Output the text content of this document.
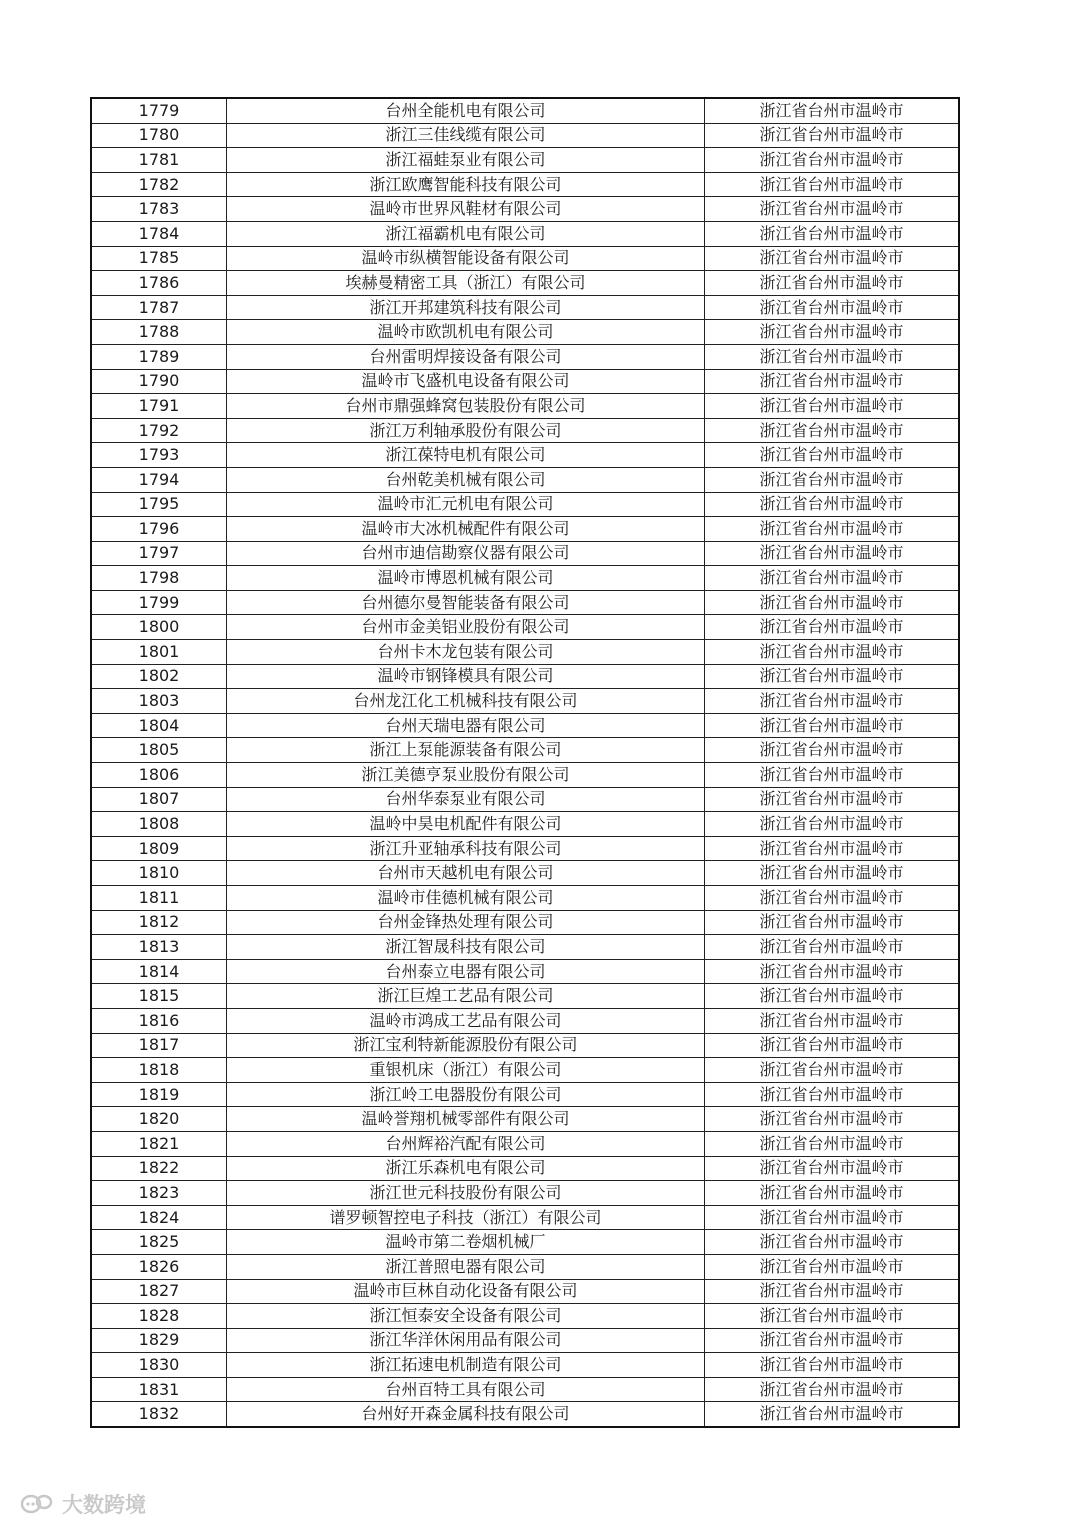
1779	台州全能机电有限公司	浙江省台州市温岭市
1780	浙江三佳线缆有限公司	浙江省台州市温岭市
1781	浙江福蛙泵业有限公司	浙江省台州市温岭市
1782	浙江欧鹰智能科技有限公司	浙江省台州市温岭市
1783	温岭市世界风鞋材有限公司	浙江省台州市温岭市
1784	浙江福霸机电有限公司	浙江省台州市温岭市
1785	温岭市纵横智能设备有限公司	浙江省台州市温岭市
1786	埃赫曼精密工具（浙江）有限公司	浙江省台州市温岭市
1787	浙江开邦建筑科技有限公司	浙江省台州市温岭市
1788	温岭市欧凯机电有限公司	浙江省台州市温岭市
1789	台州雷明焊接设备有限公司	浙江省台州市温岭市
1790	温岭市飞盛机电设备有限公司	浙江省台州市温岭市
1791	台州市鼎强蜂窝包装股份有限公司	浙江省台州市温岭市
1792	浙江万利轴承股份有限公司	浙江省台州市温岭市
1793	浙江葆特电机有限公司	浙江省台州市温岭市
1794	台州乾美机械有限公司	浙江省台州市温岭市
1795	温岭市汇元机电有限公司	浙江省台州市温岭市
1796	温岭市大冰机械配件有限公司	浙江省台州市温岭市
1797	台州市迪信勘察仪器有限公司	浙江省台州市温岭市
1798	温岭市博恩机械有限公司	浙江省台州市温岭市
1799	台州德尔曼智能装备有限公司	浙江省台州市温岭市
1800	台州市金美铝业股份有限公司	浙江省台州市温岭市
1801	台州卡木龙包装有限公司	浙江省台州市温岭市
1802	温岭市钢锋模具有限公司	浙江省台州市温岭市
1803	台州龙江化工机械科技有限公司	浙江省台州市温岭市
1804	台州天瑞电器有限公司	浙江省台州市温岭市
1805	浙江上泵能源装备有限公司	浙江省台州市温岭市
1806	浙江美德亨泵业股份有限公司	浙江省台州市温岭市
1807	台州华泰泵业有限公司	浙江省台州市温岭市
1808	温岭中昊电机配件有限公司	浙江省台州市温岭市
1809	浙江升亚轴承科技有限公司	浙江省台州市温岭市
1810	台州市天越机电有限公司	浙江省台州市温岭市
1811	温岭市佳德机械有限公司	浙江省台州市温岭市
1812	台州金锋热处理有限公司	浙江省台州市温岭市
1813	浙江智晟科技有限公司	浙江省台州市温岭市
1814	台州泰立电器有限公司	浙江省台州市温岭市
1815	浙江巨煌工艺品有限公司	浙江省台州市温岭市
1816	温岭市鸿成工艺品有限公司	浙江省台州市温岭市
1817	浙江宝利特新能源股份有限公司	浙江省台州市温岭市
1818	重银机床（浙江）有限公司	浙江省台州市温岭市
1819	浙江岭工电器股份有限公司	浙江省台州市温岭市
1820	温岭誉翔机械零部件有限公司	浙江省台州市温岭市
1821	台州辉裕汽配有限公司	浙江省台州市温岭市
1822	浙江乐森机电有限公司	浙江省台州市温岭市
1823	浙江世元科技股份有限公司	浙江省台州市温岭市
1824	谱罗顿智控电子科技（浙江）有限公司	浙江省台州市温岭市
1825	温岭市第二卷烟机械厂	浙江省台州市温岭市
1826	浙江普照电器有限公司	浙江省台州市温岭市
1827	温岭市巨林自动化设备有限公司	浙江省台州市温岭市
1828	浙江恒泰安全设备有限公司	浙江省台州市温岭市
1829	浙江华洋休闲用品有限公司	浙江省台州市温岭市
1830	浙江拓速电机制造有限公司	浙江省台州市温岭市
1831	台州百特工具有限公司	浙江省台州市温岭市
1832	台州好开森金属科技有限公司	浙江省台州市温岭市
大数跨境
